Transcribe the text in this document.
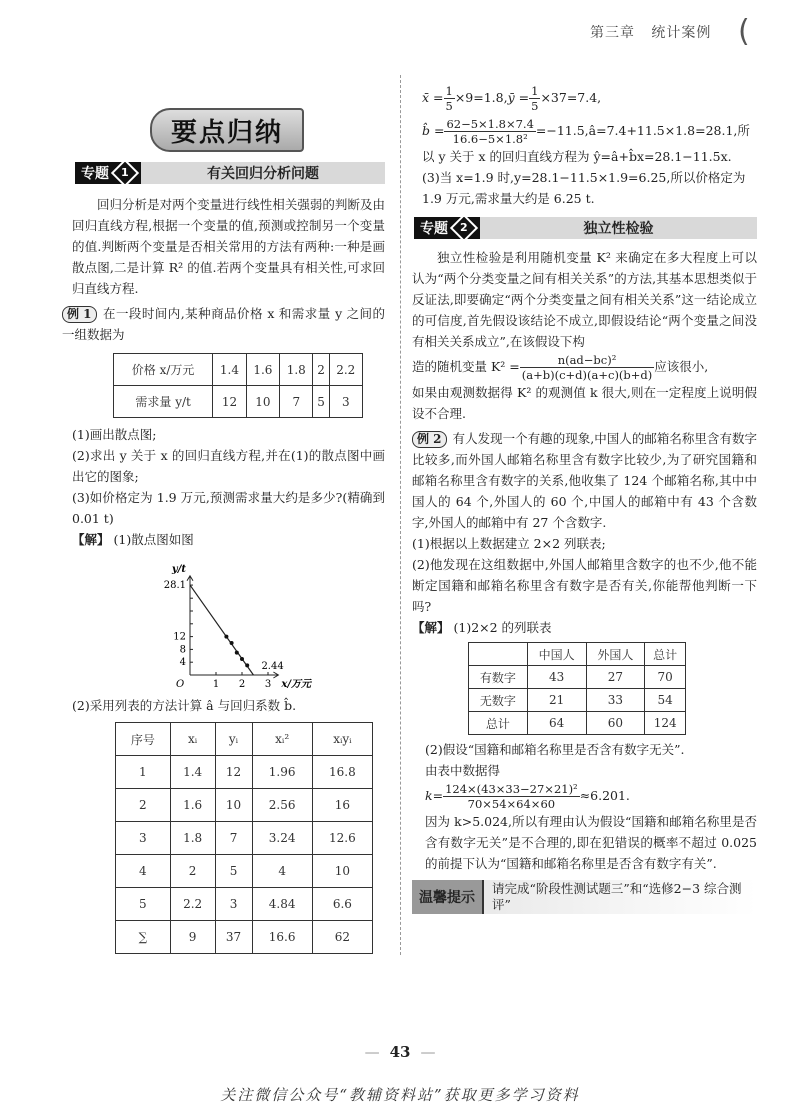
第三章 统计案例 (
要点归纳
专题	1	有关回归分析问题
回归分析是对两个变量进行线性相关强弱的判断及由回归直线方程,根据一个变量的值,预测或控制另一个变量的值.判断两个变量是否相关常用的方法有两种:一种是画散点图,二是计算 R² 的值.若两个变量具有相关性,可求回归直线方程.
例 1 在一段时间内,某种商品价格 x 和需求量 y 之间的一组数据为
价格 x/万元	1.4	1.6	1.8	2	2.2
需求量 y/t	12	10	7	5	3
(1)画出散点图;
(2)求出 y 关于 x 的回归直线方程,并在(1)的散点图中画出它的图象;
(3)如价格定为 1.9 万元,预测需求量大约是多少?(精确到 0.01 t)
【解】 (1)散点图如图
1 2 3
4
8
12
28.1
2.44
O	x/万元
y/t
(2)采用列表的方法计算 â 与回归系数 b̂.
序号	xᵢ	yᵢ	xᵢ²	xᵢyᵢ
1	1.4	12	1.96	16.8
2	1.6	10	2.56	16
3	1.8	7	3.24	12.6
4	2	5	4	10
5	2.2	3	4.84	6.6
∑	9	37	16.6	62
x̄ = $\frac{1}{5}$ ×9=1.8,ȳ = $\frac{1}{5} \times 37=7.4$,
b̂ = $\frac{62-5\times 1.8\times 7.4}{\text{16.6−5×1.8²}}$ =−11.5,â=7.4+11.5×1.8=28.1,所
以 y 关于 x 的回归直线方程为 ŷ=â+b̂x=28.1−11.5x.
(3)当 x=1.9 时,y=28.1−11.5×1.9=6.25,所以价格定为 1.9 万元,需求量大约是 6.25 t.
专题	2	独立性检验
独立性检验是利用随机变量 K² 来确定在多大程度上可以认为“两个分类变量之间有相关关系”的方法,其基本思想类似于反证法,即要确定“两个分类变量之间有相关关系”这一结论成立的可信度,首先假设该结论不成立,即假设结论“两个变量之间没有相关关系成立”,在该假设下构
造的随机变量 $K^2 = \frac{\text{n(ad−bc)²}}{(a+b)(c+d)(a+c)(b+d)}$ 应该很小,
如果由观测数据得 K² 的观测值 k 很大,则在一定程度上说明假设不合理.
例 2 有人发现一个有趣的现象,中国人的邮箱名称里含有数字比较多,而外国人邮箱名称里含有数字比较少,为了研究国籍和邮箱名称里含有数字的关系,他收集了 124 个邮箱名称,其中中国人的 64 个,外国人的 60 个,中国人的邮箱中有 43 个含数字,外国人的邮箱中有 27 个含数字.
(1)根据以上数据建立 2×2 列联表;
(2)他发现在这组数据中,外国人邮箱里含数字的也不少,他不能断定国籍和邮箱名称里含有数字是否有关,你能帮他判断一下吗?
【解】 (1)2×2 的列联表
	中国人	外国人	总计
有数字	43	27	70
无数字	21	33	54
总计	64	60	124
(2)假设“国籍和邮箱名称里是否含有数字无关”.
由表中数据得
$k= \frac{\text{124×(43×33−27×21)²}}{70\times 54\times 64\times 60} \approx 6.201$.
因为 k>5.024,所以有理由认为假设“国籍和邮箱名称里是否含有数字无关”是不合理的,即在犯错误的概率不超过 0.025 的前提下认为“国籍和邮箱名称里是否含有数字有关”.
温馨提示
请完成“阶段性测试题三”和“选修2−3 综合测评”
— 43 —
关注微信公众号“教辅资料站”获取更多学习资料
